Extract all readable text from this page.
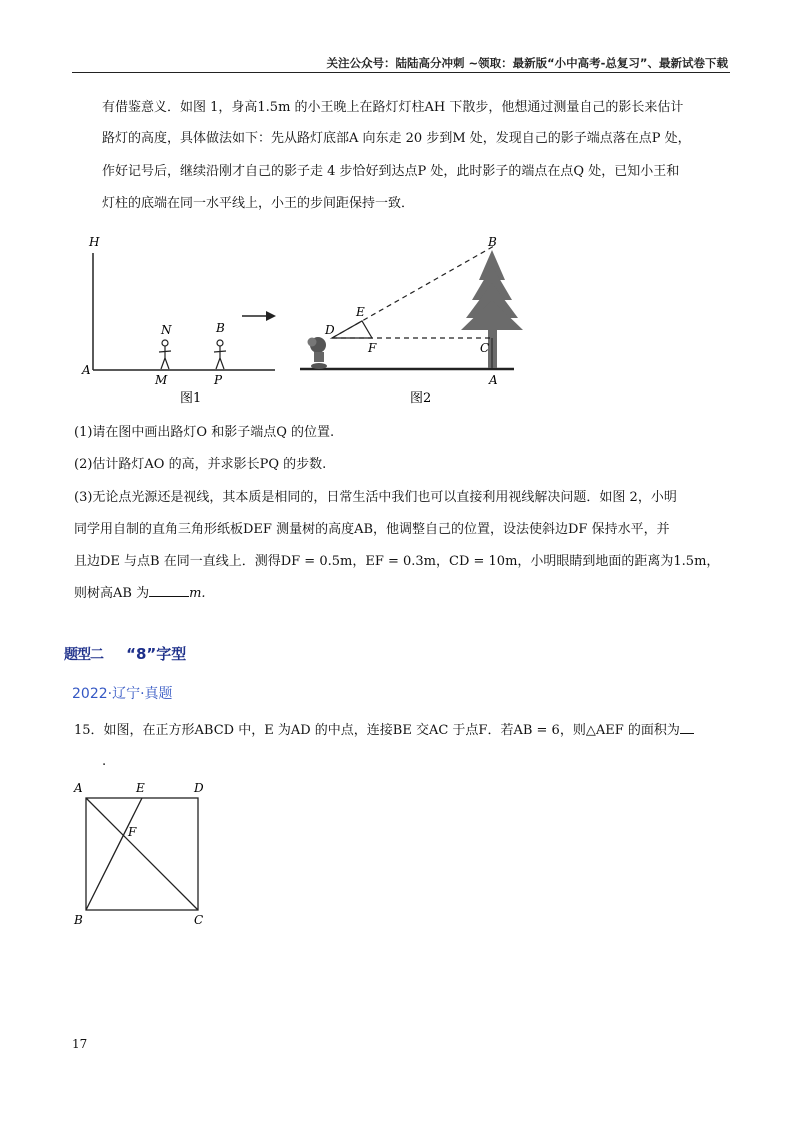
关注公众号：陆陆高分冲刺 ~领取：最新版“小中高考-总复习”、最新试卷下载
有借鉴意义．如图 1，身高1.5m 的小王晚上在路灯灯柱AH 下散步，他想通过测量自己的影长来估计
路灯的高度，具体做法如下：先从路灯底部A 向东走 20 步到M 处，发现自己的影子端点落在点P 处，
作好记号后，继续沿刚才自己的影子走 4 步恰好到达点P 处，此时影子的端点在点Q 处，已知小王和
灯柱的底端在同一水平线上，小王的步间距保持一致．
H
A
N
M
B
P
图1
B
E
D
F	C
A
图2
(1)请在图中画出路灯O 和影子端点Q 的位置.
(2)估计路灯AO 的高，并求影长PQ 的步数.
(3)无论点光源还是视线，其本质是相同的，日常生活中我们也可以直接利用视线解决问题．如图 2，小明
同学用自制的直角三角形纸板DEF 测量树的高度AB，他调整自己的位置，设法使斜边DF 保持水平，并
且边DE 与点B 在同一直线上．测得DF = 0.5m，EF = 0.3m，CD = 10m，小明眼睛到地面的距离为1.5m，
则树高AB 为	m.
题型二 “8”字型
2022·辽宁·真题
15．如图，在正方形ABCD 中，E 为AD 的中点，连接BE 交AC 于点F．若AB = 6，则△AEF 的面积为
.
A	E	D
F
B	C
17
